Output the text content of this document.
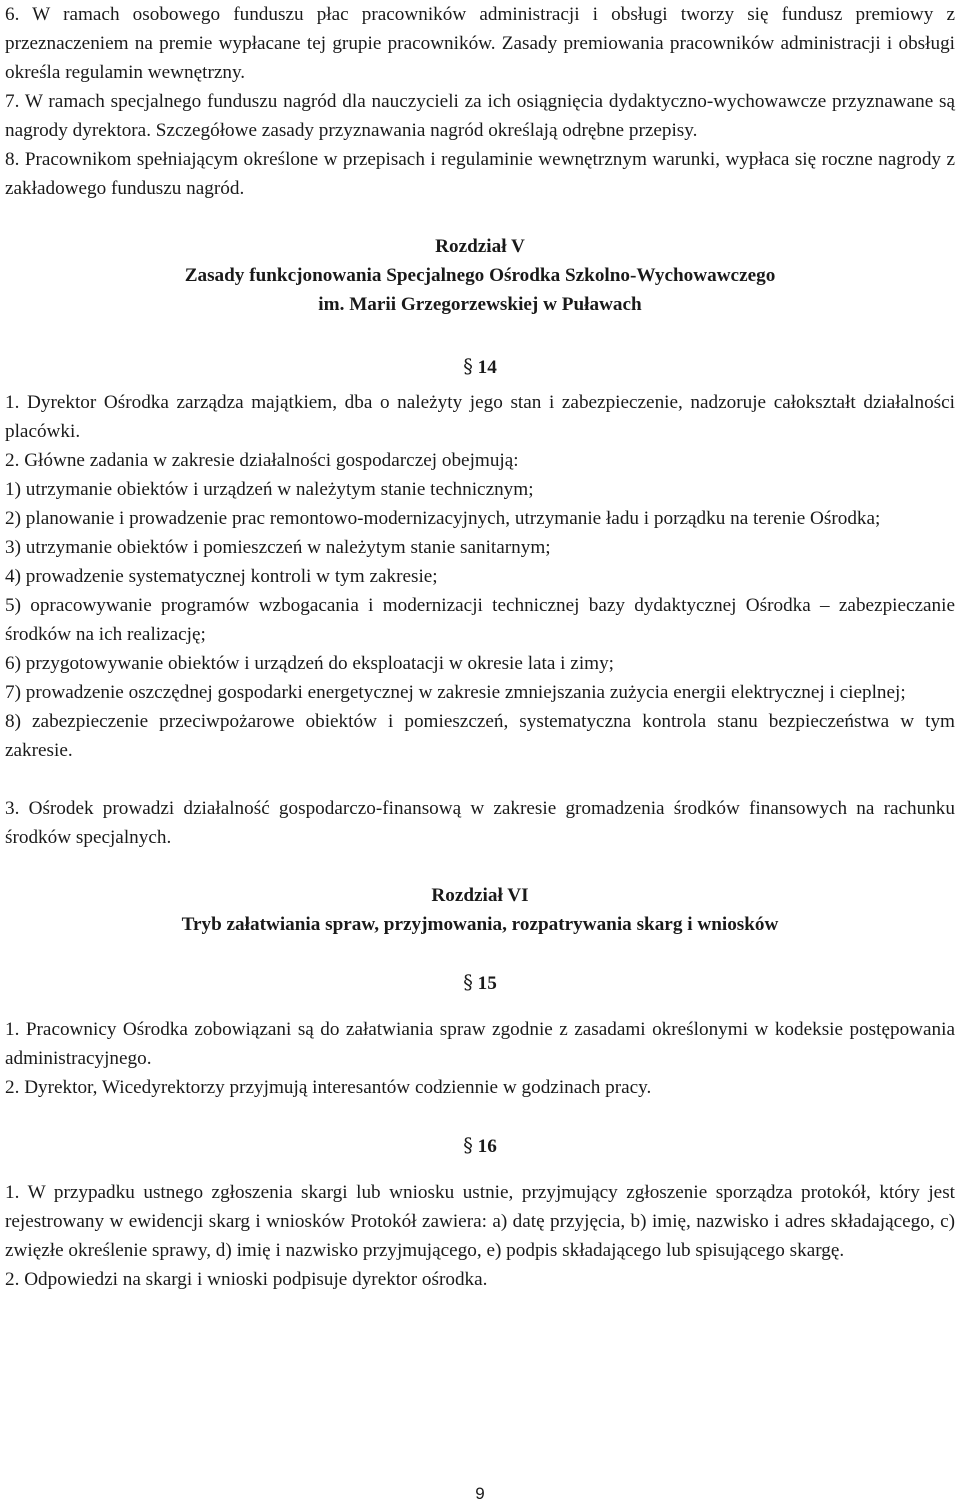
6. W ramach osobowego funduszu płac pracowników administracji i obsługi tworzy się fundusz premiowy z przeznaczeniem na premie wypłacane tej grupie pracowników. Zasady premiowania pracowników administracji i obsługi określa regulamin wewnętrzny.

7. W ramach specjalnego funduszu nagród dla nauczycieli za ich osiągnięcia dydaktyczno-wychowawcze przyznawane są nagrody dyrektora. Szczegółowe zasady przyznawania nagród określają odrębne przepisy.

8. Pracownikom spełniającym określone w przepisach i regulaminie wewnętrznym warunki, wypłaca się roczne nagrody z zakładowego funduszu nagród.

Rozdział V

Zasady funkcjonowania Specjalnego Ośrodka Szkolno-Wychowawczego

im. Marii Grzegorzewskiej w Puławach

§ 14

1. Dyrektor Ośrodka zarządza majątkiem, dba o należyty jego stan i zabezpieczenie, nadzoruje całokształt działalności placówki.

2. Główne zadania w zakresie działalności gospodarczej obejmują:

1) utrzymanie obiektów i urządzeń w należytym stanie technicznym;

2) planowanie i prowadzenie prac remontowo-modernizacyjnych, utrzymanie ładu i porządku na terenie Ośrodka;

3) utrzymanie obiektów i pomieszczeń w należytym stanie sanitarnym;

4) prowadzenie systematycznej kontroli w tym zakresie;

5) opracowywanie programów wzbogacania i modernizacji technicznej bazy dydaktycznej Ośrodka – zabezpieczanie środków na ich realizację;

6) przygotowywanie obiektów i urządzeń do eksploatacji w okresie lata i zimy;

7) prowadzenie oszczędnej gospodarki energetycznej w zakresie zmniejszania zużycia energii elektrycznej i cieplnej;

8) zabezpieczenie przeciwpożarowe obiektów i pomieszczeń, systematyczna kontrola stanu bezpieczeństwa w tym zakresie.

3. Ośrodek prowadzi działalność gospodarczo-finansową w zakresie gromadzenia środków finansowych na rachunku środków specjalnych.

Rozdział VI

Tryb załatwiania spraw, przyjmowania, rozpatrywania skarg i wniosków

§ 15

1. Pracownicy Ośrodka zobowiązani są do załatwiania spraw zgodnie z zasadami określonymi w kodeksie postępowania administracyjnego.

2. Dyrektor, Wicedyrektorzy przyjmują interesantów codziennie w godzinach pracy.

§ 16

1. W przypadku ustnego zgłoszenia skargi lub wniosku ustnie, przyjmujący zgłoszenie sporządza protokół, który jest rejestrowany w ewidencji skarg i wniosków Protokół zawiera: a) datę przyjęcia, b) imię, nazwisko i adres składającego, c) zwięzłe określenie sprawy, d) imię i nazwisko przyjmującego, e) podpis składającego lub spisującego skargę.

2. Odpowiedzi na skargi i wnioski podpisuje dyrektor ośrodka.

9
